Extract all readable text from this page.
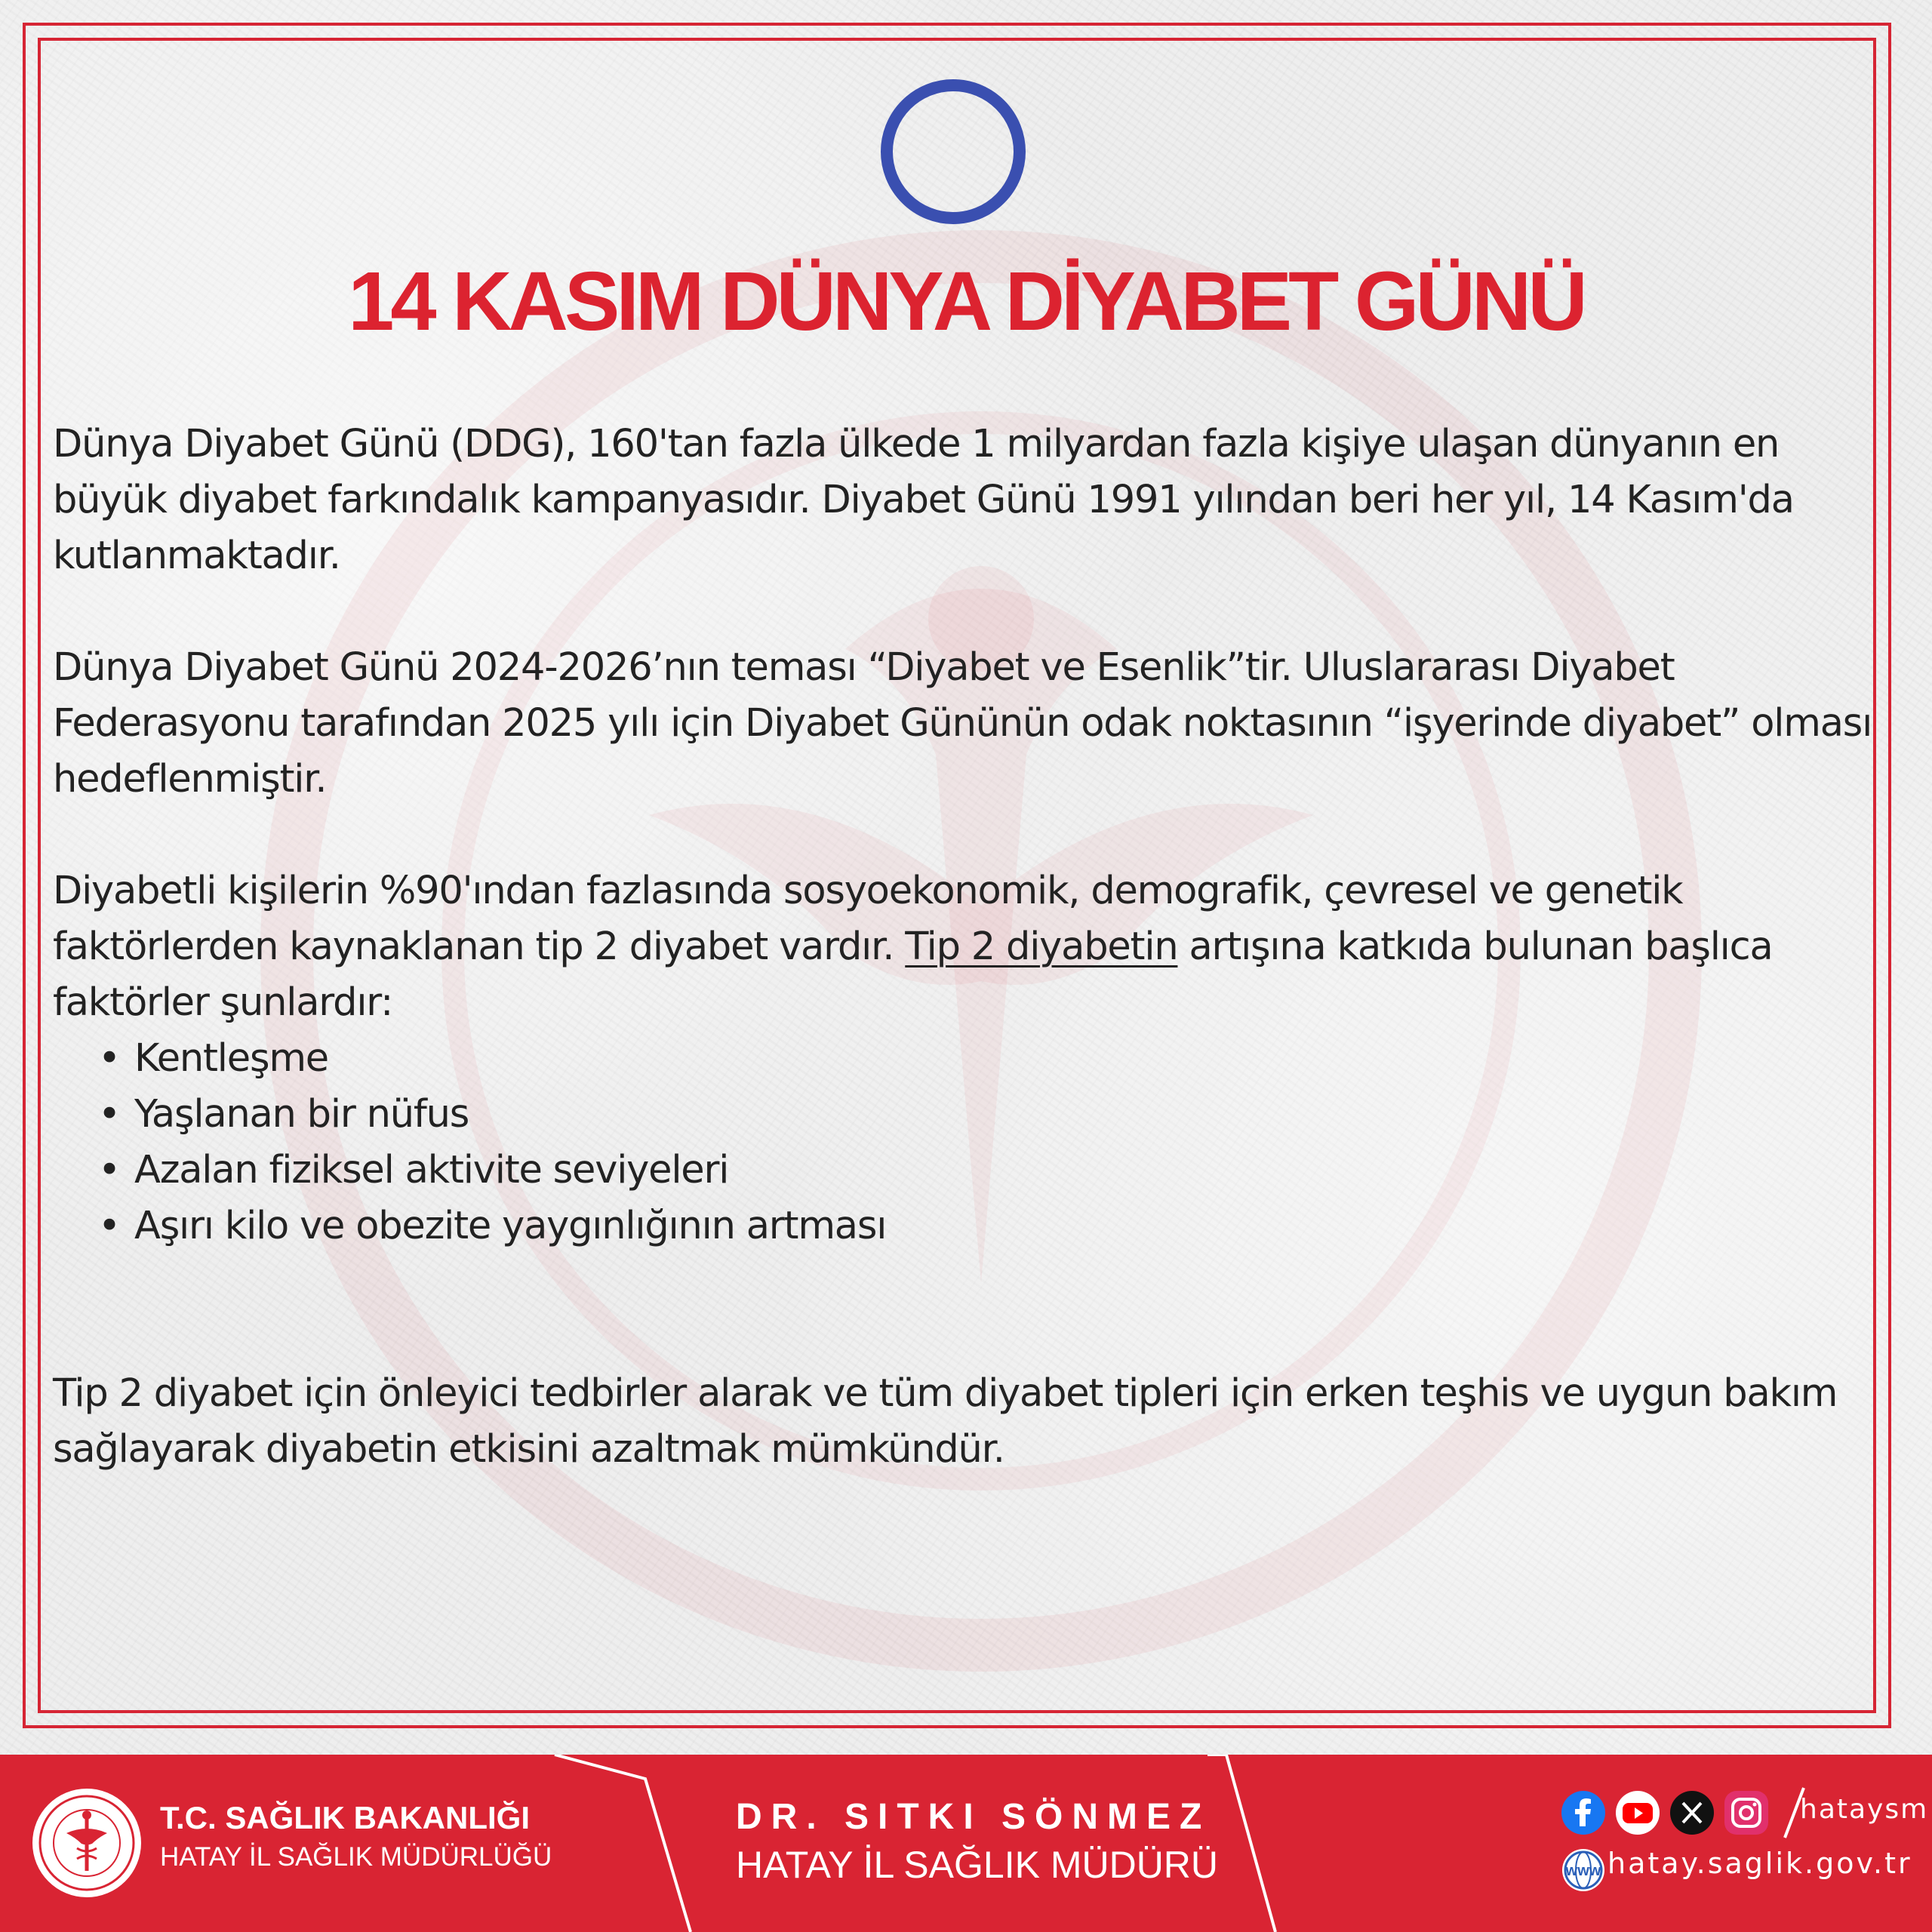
14 KASIM DÜNYA DİYABET GÜNÜ

Dünya Diyabet Günü (DDG), 160'tan fazla ülkede 1 milyardan fazla kişiye ulaşan dünyanın en büyük diyabet farkındalık kampanyasıdır. Diyabet Günü 1991 yılından beri her yıl, 14 Kasım'da kutlanmaktadır.

Dünya Diyabet Günü 2024-2026’nın teması “Diyabet ve Esenlik”tir. Uluslararası Diyabet Federasyonu tarafından 2025 yılı için Diyabet Gününün odak noktasının “işyerinde diyabet” olması hedeflenmiştir.

Diyabetli kişilerin %90'ından fazlasında sosyoekonomik, demografik, çevresel ve genetik faktörlerden kaynaklanan tip 2 diyabet vardır. Tip 2 diyabetin artışına katkıda bulunan başlıca faktörler şunlardır:

• Kentleşme
• Yaşlanan bir nüfus
• Azalan fiziksel aktivite seviyeleri
• Aşırı kilo ve obezite yaygınlığının artması

Tip 2 diyabet için önleyici tedbirler alarak ve tüm diyabet tipleri için erken teşhis ve uygun bakım sağlayarak diyabetin etkisini azaltmak mümkündür.

T.C. SAĞLIK BAKANLIĞI
HATAY İL SAĞLIK MÜDÜRLÜĞÜ
DR. SITKI SÖNMEZ
HATAY İL SAĞLIK MÜDÜRÜ
hataysm
www hatay.saglik.gov.tr
